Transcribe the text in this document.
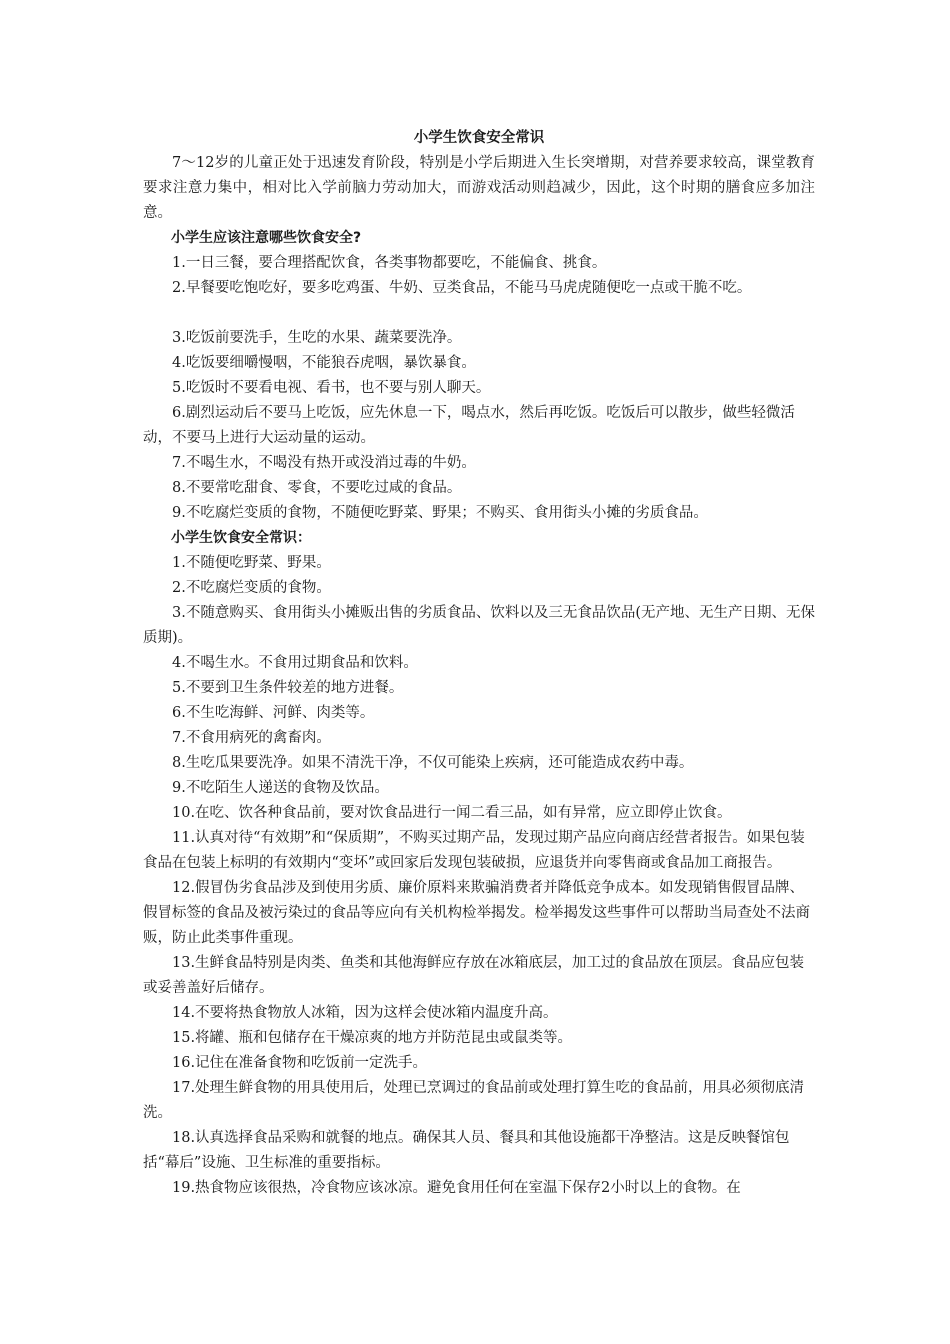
小学生饮食安全常识

7～12岁的儿童正处于迅速发育阶段，特别是小学后期进入生长突增期，对营养要求较高，课堂教育要求注意力集中，相对比入学前脑力劳动加大，而游戏活动则趋减少，因此，这个时期的膳食应多加注意。

小学生应该注意哪些饮食安全?

1.一日三餐，要合理搭配饮食，各类事物都要吃，不能偏食、挑食。

2.早餐要吃饱吃好，要多吃鸡蛋、牛奶、豆类食品，不能马马虎虎随便吃一点或干脆不吃。

3.吃饭前要洗手，生吃的水果、蔬菜要洗净。

4.吃饭要细嚼慢咽，不能狼吞虎咽，暴饮暴食。

5.吃饭时不要看电视、看书，也不要与别人聊天。

6.剧烈运动后不要马上吃饭，应先休息一下，喝点水，然后再吃饭。吃饭后可以散步，做些轻微活动，不要马上进行大运动量的运动。

7.不喝生水，不喝没有热开或没消过毒的牛奶。

8.不要常吃甜食、零食，不要吃过咸的食品。

9.不吃腐烂变质的食物，不随便吃野菜、野果；不购买、食用街头小摊的劣质食品。

小学生饮食安全常识：

1.不随便吃野菜、野果。

2.不吃腐烂变质的食物。

3.不随意购买、食用街头小摊贩出售的劣质食品、饮料以及三无食品饮品(无产地、无生产日期、无保质期)。

4.不喝生水。不食用过期食品和饮料。

5.不要到卫生条件较差的地方进餐。

6.不生吃海鲜、河鲜、肉类等。

7.不食用病死的禽畜肉。

8.生吃瓜果要洗净。如果不清洗干净，不仅可能染上疾病，还可能造成农药中毒。

9.不吃陌生人递送的食物及饮品。

10.在吃、饮各种食品前，要对饮食品进行一闻二看三品，如有异常，应立即停止饮食。

11.认真对待“有效期”和“保质期”，不购买过期产品，发现过期产品应向商店经营者报告。如果包装食品在包装上标明的有效期内“变坏”或回家后发现包装破损，应退货并向零售商或食品加工商报告。

12.假冒伪劣食品涉及到使用劣质、廉价原料来欺骗消费者并降低竞争成本。如发现销售假冒品牌、假冒标签的食品及被污染过的食品等应向有关机构检举揭发。检举揭发这些事件可以帮助当局查处不法商贩，防止此类事件重现。

13.生鲜食品特别是肉类、鱼类和其他海鲜应存放在冰箱底层，加工过的食品放在顶层。食品应包装或妥善盖好后储存。

14.不要将热食物放人冰箱，因为这样会使冰箱内温度升高。

15.将罐、瓶和包储存在干燥凉爽的地方并防范昆虫或鼠类等。

16.记住在准备食物和吃饭前一定洗手。

17.处理生鲜食物的用具使用后，处理已烹调过的食品前或处理打算生吃的食品前，用具必须彻底清洗。

18.认真选择食品采购和就餐的地点。确保其人员、餐具和其他设施都干净整洁。这是反映餐馆包括“幕后”设施、卫生标准的重要指标。

19.热食物应该很热，冷食物应该冰凉。避免食用任何在室温下保存2小时以上的食物。在
